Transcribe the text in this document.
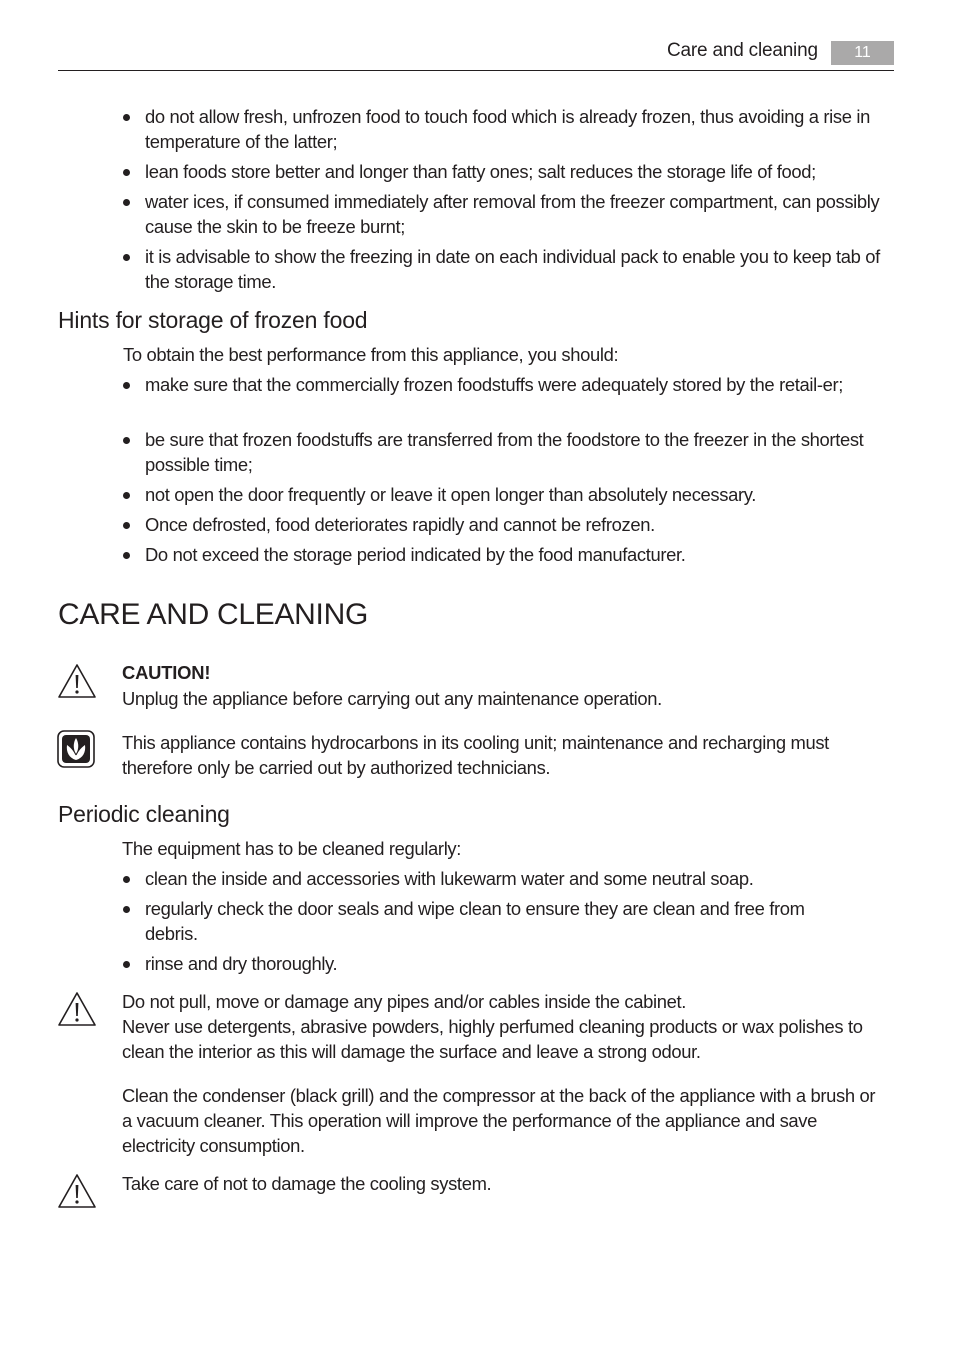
Care and cleaning	11
do not allow fresh, unfrozen food to touch food which is already frozen, thus avoiding a rise in temperature of the latter;
lean foods store better and longer than fatty ones; salt reduces the storage life of food;
water ices, if consumed immediately after removal from the freezer compartment, can possibly cause the skin to be freeze burnt;
it is advisable to show the freezing in date on each individual pack to enable you to keep tab of the storage time.
Hints for storage of frozen food
To obtain the best performance from this appliance, you should:
make sure that the commercially frozen foodstuffs were adequately stored by the retail-er;
be sure that frozen foodstuffs are transferred from the foodstore to the freezer in the shortest possible time;
not open the door frequently or leave it open longer than absolutely necessary.
Once defrosted, food deteriorates rapidly and cannot be refrozen.
Do not exceed the storage period indicated by the food manufacturer.
CARE AND CLEANING
CAUTION!
Unplug the appliance before carrying out any maintenance operation.
This appliance contains hydrocarbons in its cooling unit; maintenance and recharging must therefore only be carried out by authorized technicians.
Periodic cleaning
The equipment has to be cleaned regularly:
clean the inside and accessories with lukewarm water and some neutral soap.
regularly check the door seals and wipe clean to ensure they are clean and free from debris.
rinse and dry thoroughly.
Do not pull, move or damage any pipes and/or cables inside the cabinet.
Never use detergents, abrasive powders, highly perfumed cleaning products or wax polishes to clean the interior as this will damage the surface and leave a strong odour.
Clean the condenser (black grill) and the compressor at the back of the appliance with a brush or a vacuum cleaner. This operation will improve the performance of the appliance and save electricity consumption.
Take care of not to damage the cooling system.
